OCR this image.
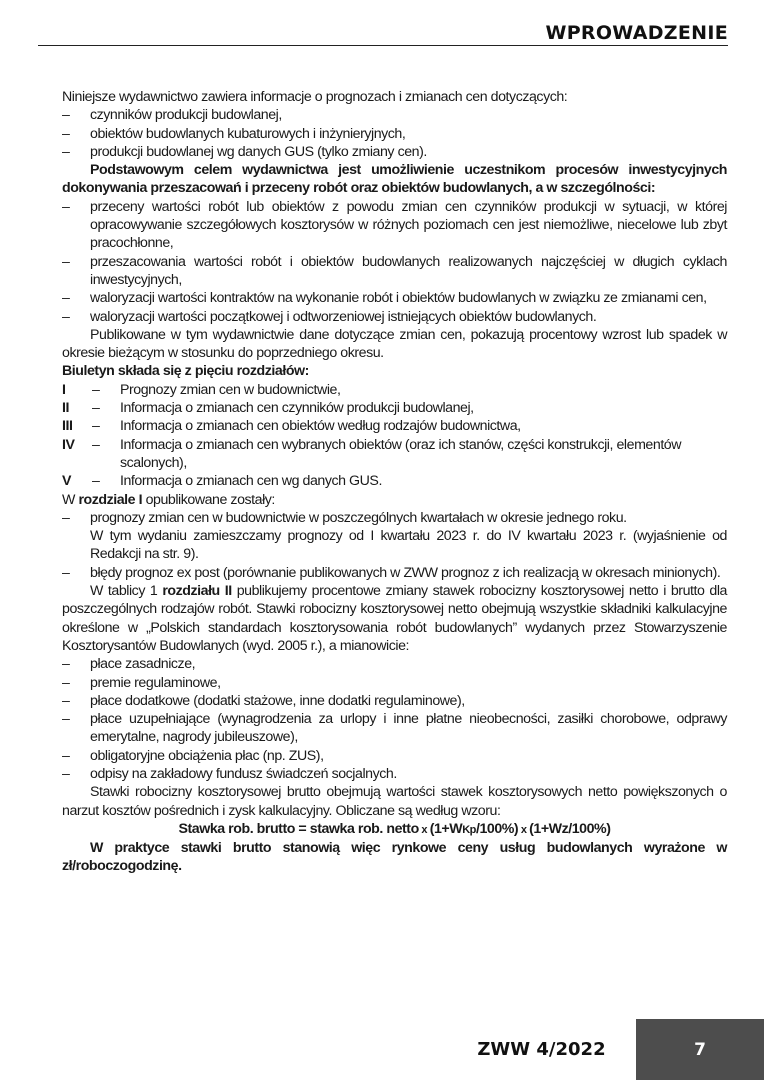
WPROWADZENIE

Niniejsze wydawnictwo zawiera informacje o prognozach i zmianach cen dotyczących:

– czynników produkcji budowlanej,

– obiektów budowlanych kubaturowych i inżynieryjnych,

– produkcji budowlanej wg danych GUS (tylko zmiany cen).

Podstawowym celem wydawnictwa jest umożliwienie uczestnikom procesów inwestycyjnych dokonywania przeszacowań i przeceny robót oraz obiektów budowlanych, a w szczególności:

– przeceny wartości robót lub obiektów z powodu zmian cen czynników produkcji w sytuacji, w której opracowywanie szczegółowych kosztorysów w różnych poziomach cen jest niemożliwe, niecelowe lub zbyt pracochłonne,

– przeszacowania wartości robót i obiektów budowlanych realizowanych najczęściej w długich cyklach inwestycyjnych,

– waloryzacji wartości kontraktów na wykonanie robót i obiektów budowlanych w związku ze zmianami cen,

– waloryzacji wartości początkowej i odtworzeniowej istniejących obiektów budowlanych.

Publikowane w tym wydawnictwie dane dotyczące zmian cen, pokazują procentowy wzrost lub spadek w okresie bieżącym w stosunku do poprzedniego okresu.

Biuletyn składa się z pięciu rozdziałów:

I – Prognozy zmian cen w budownictwie,

II – Informacja o zmianach cen czynników produkcji budowlanej,

III – Informacja o zmianach cen obiektów według rodzajów budownictwa,

IV – Informacja o zmianach cen wybranych obiektów (oraz ich stanów, części konstrukcji, elementów scalonych),

V – Informacja o zmianach cen wg danych GUS.

W rozdziale I opublikowane zostały:

– prognozy zmian cen w budownictwie w poszczególnych kwartałach w okresie jednego roku.

W tym wydaniu zamieszczamy prognozy od I kwartału 2023 r. do IV kwartału 2023 r. (wyjaśnienie od Redakcji na str. 9).

– błędy prognoz ex post (porównanie publikowanych w ZWW prognoz z ich realizacją w okresach minionych).

W tablicy 1 rozdziału II publikujemy procentowe zmiany stawek robocizny kosztorysowej netto i brutto dla poszczególnych rodzajów robót. Stawki robocizny kosztorysowej netto obejmują wszystkie składniki kalkulacyjne określone w „Polskich standardach kosztorysowania robót budowlanych” wydanych przez Stowarzyszenie Kosztorysantów Budowlanych (wyd. 2005 r.), a mianowicie:

– płace zasadnicze,

– premie regulaminowe,

– płace dodatkowe (dodatki stażowe, inne dodatki regulaminowe),

– płace uzupełniające (wynagrodzenia za urlopy i inne płatne nieobecności, zasiłki chorobowe, odprawy emerytalne, nagrody jubileuszowe),

– obligatoryjne obciążenia płac (np. ZUS),

– odpisy na zakładowy fundusz świadczeń socjalnych.

Stawki robocizny kosztorysowej brutto obejmują wartości stawek kosztorysowych netto powiększonych o narzut kosztów pośrednich i zysk kalkulacyjny. Obliczane są według wzoru:

Stawka rob. brutto = stawka rob. netto x (1+WKp/100%) x (1+Wz/100%)

W praktyce stawki brutto stanowią więc rynkowe ceny usług budowlanych wyrażone w zł/roboczogodzinę.

ZWW 4/2022	7
